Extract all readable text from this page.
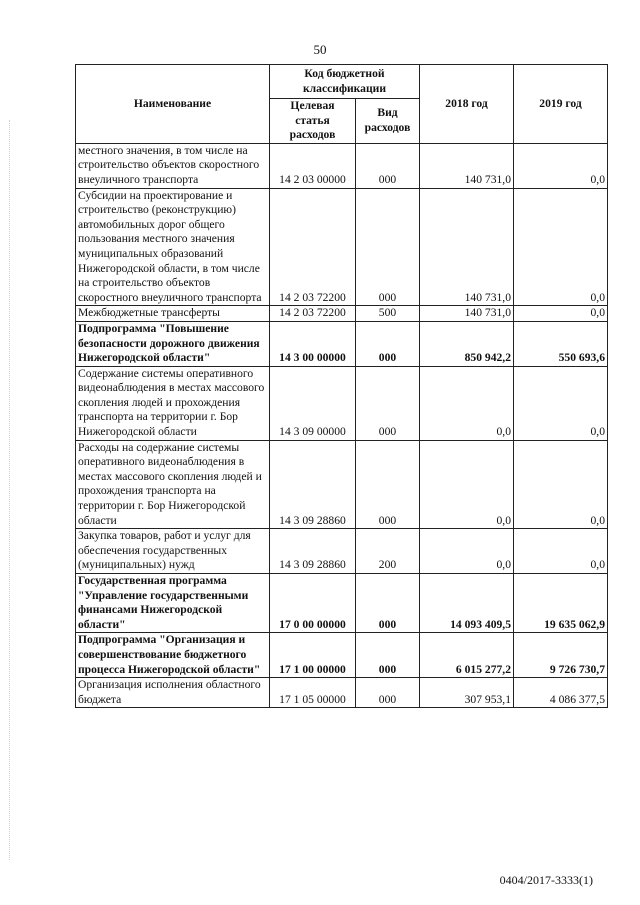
50
Наименование	Код бюджетной классификации		2018 год	2019 год
	Целевая статья расходов	Вид расходов		
местного значения, в том числе на строительство объектов скоростного внеуличного транспорта	14 2 03 00000	000	140 731,0	0,0
Субсидии на проектирование и строительство (реконструкцию) автомобильных дорог общего пользования местного значения муниципальных образований Нижегородской области, в том числе на строительство объектов скоростного внеуличного транспорта	14 2 03 72200	000	140 731,0	0,0
Межбюджетные трансферты	14 2 03 72200	500	140 731,0	0,0
Подпрограмма "Повышение безопасности дорожного движения Нижегородской области"	14 3 00 00000	000	850 942,2	550 693,6
Содержание системы оперативного видеонаблюдения в местах массового скопления людей и прохождения транспорта на территории г. Бор Нижегородской области	14 3 09 00000	000	0,0	0,0
Расходы на содержание системы оперативного видеонаблюдения в местах массового скопления людей и прохождения транспорта на территории г. Бор Нижегородской области	14 3 09 28860	000	0,0	0,0
Закупка товаров, работ и услуг для обеспечения государственных (муниципальных) нужд	14 3 09 28860	200	0,0	0,0
Государственная программа "Управление государственными финансами Нижегородской области"	17 0 00 00000	000	14 093 409,5	19 635 062,9
Подпрограмма "Организация и совершенствование бюджетного процесса Нижегородской области"	17 1 00 00000	000	6 015 277,2	9 726 730,7
Организация исполнения областного бюджета	17 1 05 00000	000	307 953,1	4 086 377,5
0404/2017-3333(1)
